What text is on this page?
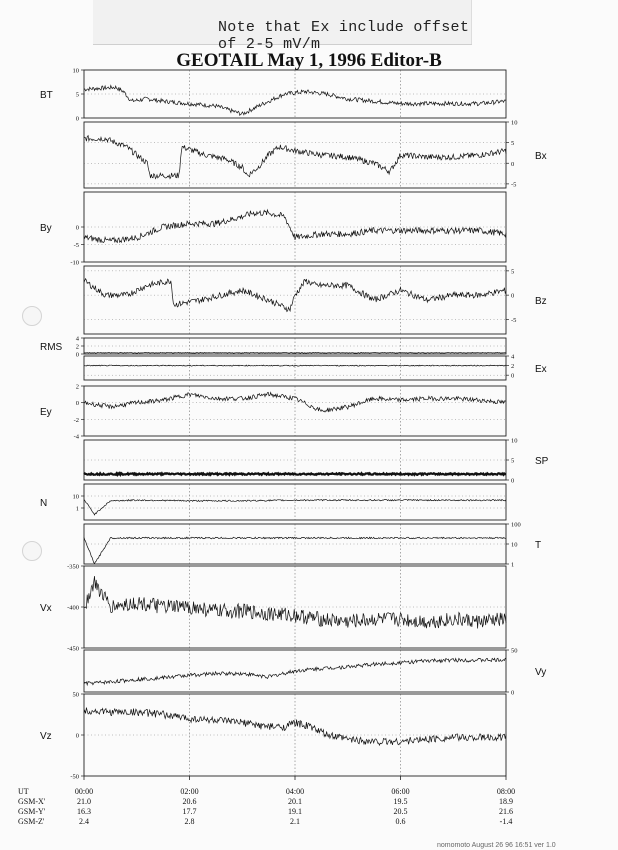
Note that Ex include offset of 2-5 mV/m
GEOTAIL May 1, 1996 Editor-B
10
5
0
BT
10
5
0
-5
Bx
0
-5
-10
By
5
0
-5
Bz
4
2
0
RMS
4
2
0
Ex
2
0
-2
-4
Ey
10
5
0
SP
10
1
N
100
10
1
T
-350
-400
-450
Vx
50
0
Vy
50
0
-50
Vz
UT	00:00	02:00	04:00	06:00	08:00
GSM-X'	21.0	20.6	20.1	19.5	18.9
GSM-Y'	16.3	17.7	19.1	20.5	21.6
GSM-Z'	2.4	2.8	2.1	0.6	-1.4
nomomoto August 26 96 16:51 ver 1.0
